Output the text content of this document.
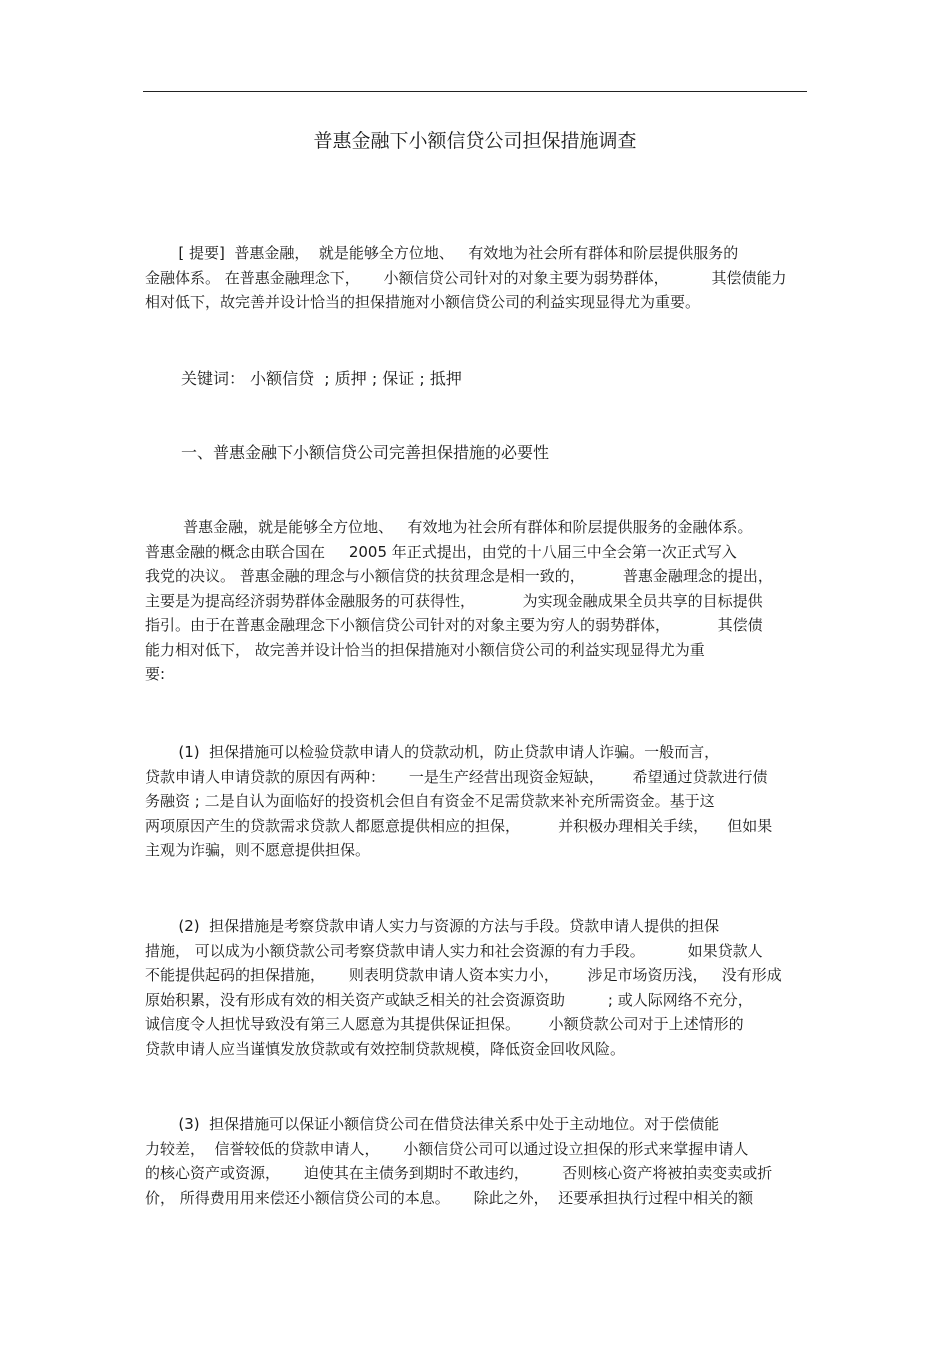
普惠金融下小额信贷公司担保措施调查
[ 提要]  普惠金融，  就是能够全方位地、   有效地为社会所有群体和阶层提供服务的
金融体系。 在普惠金融理念下，     小额信贷公司针对的对象主要为弱势群体，         其偿债能力
相对低下，故完善并设计恰当的担保措施对小额信贷公司的利益实现显得尤为重要。
关键词： 小额信贷  ; 质押 ; 保证 ; 抵押
一、普惠金融下小额信贷公司完善担保措施的必要性
普惠金融，就是能够全方位地、   有效地为社会所有群体和阶层提供服务的金融体系。
普惠金融的概念由联合国在     2005 年正式提出，由党的十八届三中全会第一次正式写入
我党的决议。 普惠金融的理念与小额信贷的扶贫理念是相一致的，        普惠金融理念的提出，
主要是为提高经济弱势群体金融服务的可获得性，          为实现金融成果全员共享的目标提供
指引。由于在普惠金融理念下小额信贷公司针对的对象主要为穷人的弱势群体，          其偿债
能力相对低下， 故完善并设计恰当的担保措施对小额信贷公司的利益实现显得尤为重
要:
(1)  担保措施可以检验贷款申请人的贷款动机，防止贷款申请人诈骗。一般而言，
贷款申请人申请贷款的原因有两种：     一是生产经营出现资金短缺，      希望通过贷款进行债
务融资 ; 二是自认为面临好的投资机会但自有资金不足需贷款来补充所需资金。基于这
两项原因产生的贷款需求贷款人都愿意提供相应的担保，        并积极办理相关手续，    但如果
主观为诈骗，则不愿意提供担保。
(2)  担保措施是考察贷款申请人实力与资源的方法与手段。贷款申请人提供的担保
措施， 可以成为小额贷款公司考察贷款申请人实力和社会资源的有力手段。         如果贷款人
不能提供起码的担保措施，     则表明贷款申请人资本实力小，      涉足市场资历浅，   没有形成
原始积累，没有形成有效的相关资产或缺乏相关的社会资源资助         ; 或人际网络不充分，
诚信度令人担忧导致没有第三人愿意为其提供保证担保。      小额贷款公司对于上述情形的
贷款申请人应当谨慎发放贷款或有效控制贷款规模，降低资金回收风险。
(3)  担保措施可以保证小额信贷公司在借贷法律关系中处于主动地位。对于偿债能
力较差，  信誉较低的贷款申请人，     小额信贷公司可以通过设立担保的形式来掌握申请人
的核心资产或资源，     迫使其在主债务到期时不敢违约，       否则核心资产将被拍卖变卖或折
价， 所得费用用来偿还小额信贷公司的本息。     除此之外，  还要承担执行过程中相关的额
